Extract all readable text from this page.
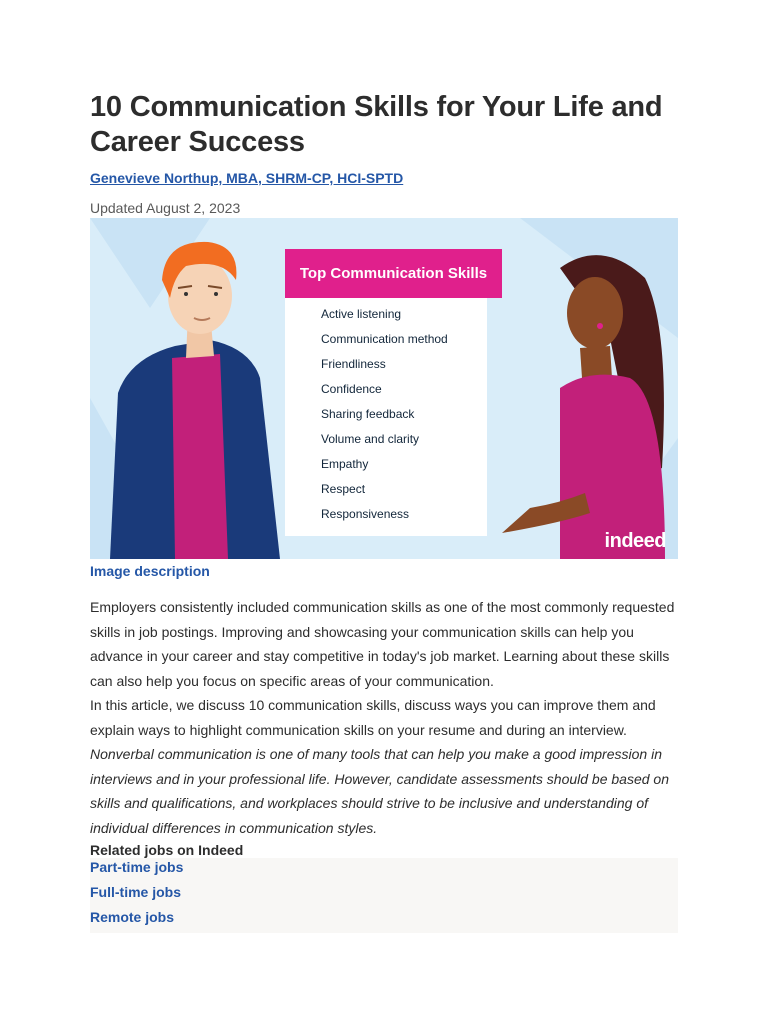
10 Communication Skills for Your Life and Career Success
Genevieve Northup, MBA, SHRM-CP, HCI-SPTD
Updated August 2, 2023
Top Communication Skills
Active listening
Communication method
Friendliness
Confidence
Sharing feedback
Volume and clarity
Empathy
Respect
Responsiveness
indeed
Image description

Employers consistently included communication skills as one of the most commonly requested skills in job postings. Improving and showcasing your communication skills can help you advance in your career and stay competitive in today's job market. Learning about these skills can also help you focus on specific areas of your communication.

In this article, we discuss 10 communication skills, discuss ways you can improve them and explain ways to highlight communication skills on your resume and during an interview.

Nonverbal communication is one of many tools that can help you make a good impression in interviews and in your professional life. However, candidate assessments should be based on skills and qualifications, and workplaces should strive to be inclusive and understanding of individual differences in communication styles.

Related jobs on Indeed
Part-time jobs
Full-time jobs
Remote jobs
